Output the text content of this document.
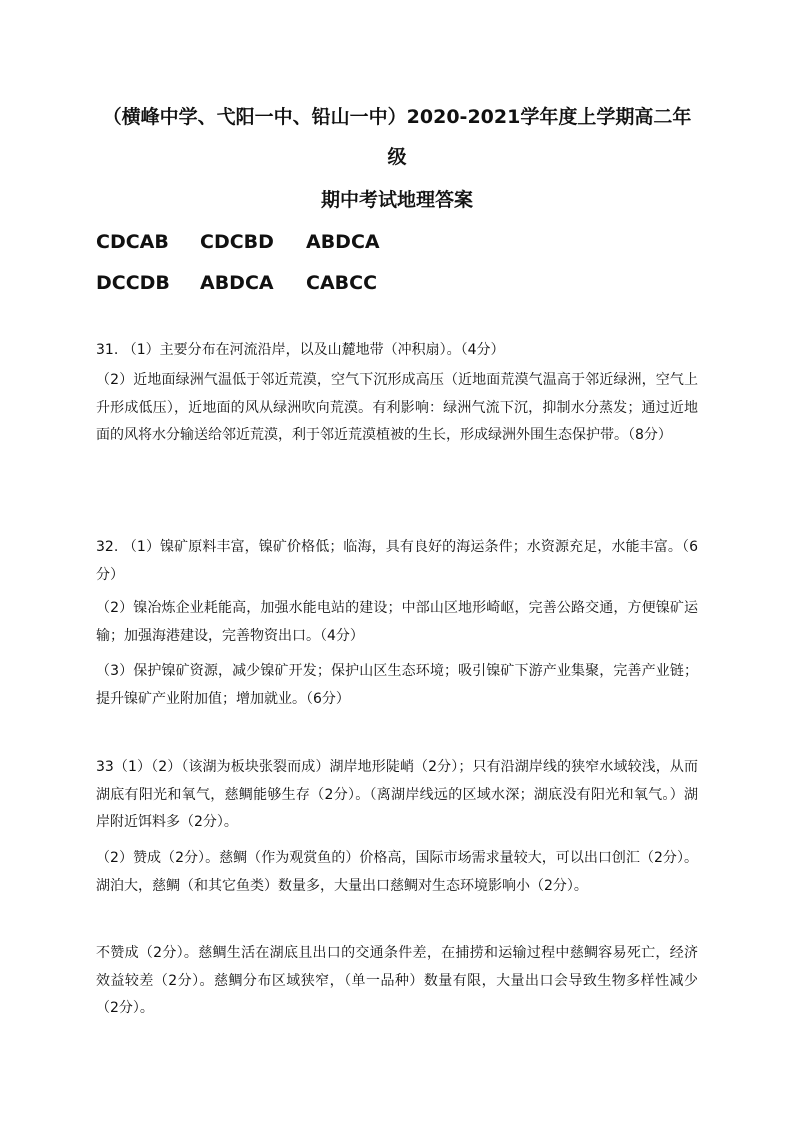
（横峰中学、弋阳一中、铅山一中）2020-2021学年度上学期高二年

级

期中考试地理答案

CDCAB CDCBD ABDCA
DCCDB ABDCA CABCC

31. （1）主要分布在河流沿岸，以及山麓地带（冲积扇）。（4分）

（2）近地面绿洲气温低于邻近荒漠，空气下沉形成高压（近地面荒漠气温高于邻近绿洲，空气上升形成低压），近地面的风从绿洲吹向荒漠。有利影响：绿洲气流下沉，抑制水分蒸发；通过近地面的风将水分输送给邻近荒漠，利于邻近荒漠植被的生长，形成绿洲外围生态保护带。（8分）

32. （1）镍矿原料丰富，镍矿价格低；临海，具有良好的海运条件；水资源充足，水能丰富。（6分）

（2）镍冶炼企业耗能高，加强水能电站的建设；中部山区地形崎岖，完善公路交通，方便镍矿运输；加强海港建设，完善物资出口。（4分）

（3）保护镍矿资源，减少镍矿开发；保护山区生态环境；吸引镍矿下游产业集聚，完善产业链；提升镍矿产业附加值；增加就业。（6分）

33（1）（2）（该湖为板块张裂而成）湖岸地形陡峭（2分）；只有沿湖岸线的狭窄水域较浅，从而湖底有阳光和氧气，慈鲷能够生存（2分）。（离湖岸线远的区域水深；湖底没有阳光和氧气。）湖岸附近饵料多（2分）。

（2）赞成（2分）。慈鲷（作为观赏鱼的）价格高，国际市场需求量较大，可以出口创汇（2分）。湖泊大，慈鲷（和其它鱼类）数量多，大量出口慈鲷对生态环境影响小（2分）。

不赞成（2分）。慈鲷生活在湖底且出口的交通条件差，在捕捞和运输过程中慈鲷容易死亡，经济效益较差（2分）。慈鲷分布区域狭窄，（单一品种）数量有限，大量出口会导致生物多样性减少（2分）。
